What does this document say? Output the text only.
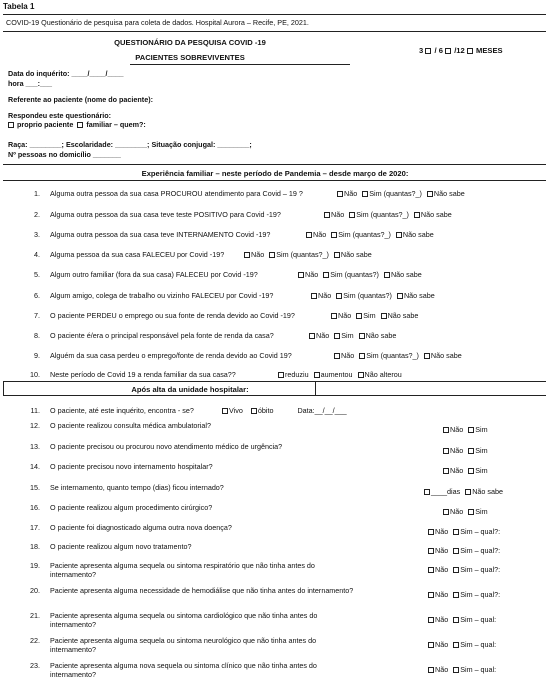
Tabela 1
COVID-19 Questionário de pesquisa para coleta de dados. Hospital Aurora – Recife, PE, 2021.
QUESTIONÁRIO DA PESQUISA COVID -19
PACIENTES SOBREVIVENTES
3 / 6 /12 MESES
Data do inquérito: ____/____/____
hora ___:___
Referente ao paciente (nome do paciente):
Respondeu este questionário:
proprio paciente familiar – quem?:
Raça: ________; Escolaridade: ________; Situação conjugal: ________;
Nº pessoas no domicílio _______
Experiência familiar – neste período de Pandemia – desde março de 2020:
1. Alguma outra pessoa da sua casa PROCUROU atendimento para Covid – 19 ?	Não Sim (quantas?_) Não sabe
2. Alguma outra pessoa da sua casa teve teste POSITIVO para Covid -19?	Não Sim (quantas?_) Não sabe
3. Alguma outra pessoa da sua casa teve INTERNAMENTO Covid -19?	Não Sim (quantas?_) Não sabe
4. Alguma pessoa da sua casa FALECEU por Covid -19?	Não Sim (quantas?_) Não sabe
5. Algum outro familiar (fora da sua casa) FALECEU por Covid -19?	Não Sim (quantas?) Não sabe
6. Algum amigo, colega de trabalho ou vizinho FALECEU por Covid -19?	Não Sim (quantas?) Não sabe
7. O paciente PERDEU o emprego ou sua fonte de renda devido ao Covid -19?	Não Sim Não sabe
8. O paciente é/era o principal responsável pela fonte de renda da casa?	Não Sim Não sabe
9. Alguém da sua casa perdeu o emprego/fonte de renda devido ao Covid 19?	Não Sim (quantas?_) Não sabe
10. Neste período de Covid 19 a renda familiar da sua casa??	reduziu aumentou Não alterou
Após alta da unidade hospitalar:
11. O paciente, até este inquérito, encontra - se?	Vivo óbito	Data:__/__/___
12. O paciente realizou consulta médica ambulatorial?	Não Sim
13. O paciente precisou ou procurou novo atendimento médico de urgência?	Não Sim
14. O paciente precisou novo internamento hospitalar?	Não Sim
15. Se internamento, quanto tempo (dias) ficou internado?	____dias Não sabe
16. O paciente realizou algum procedimento cirúrgico?	Não Sim
17. O paciente foi diagnosticado alguma outra nova doença?	Não Sim – qual?:
18. O paciente realizou algum novo tratamento?	Não Sim – qual?:
19. Paciente apresenta alguma sequela ou sintoma respiratório que não tinha antes do internamento?
Não Sim – qual?:
20. Paciente apresenta alguma necessidade de hemodiálise que não tinha antes do internamento?	Não Sim – qual?:
21. Paciente apresenta alguma sequela ou sintoma cardiológico que não tinha antes do internamento?
Não Sim – qual:
22. Paciente apresenta alguma sequela ou sintoma neurológico que não tinha antes do internamento?
Não Sim – qual:
23. Paciente apresenta alguma nova sequela ou sintoma clínico que não tinha antes do internamento?
Não Sim – qual:
